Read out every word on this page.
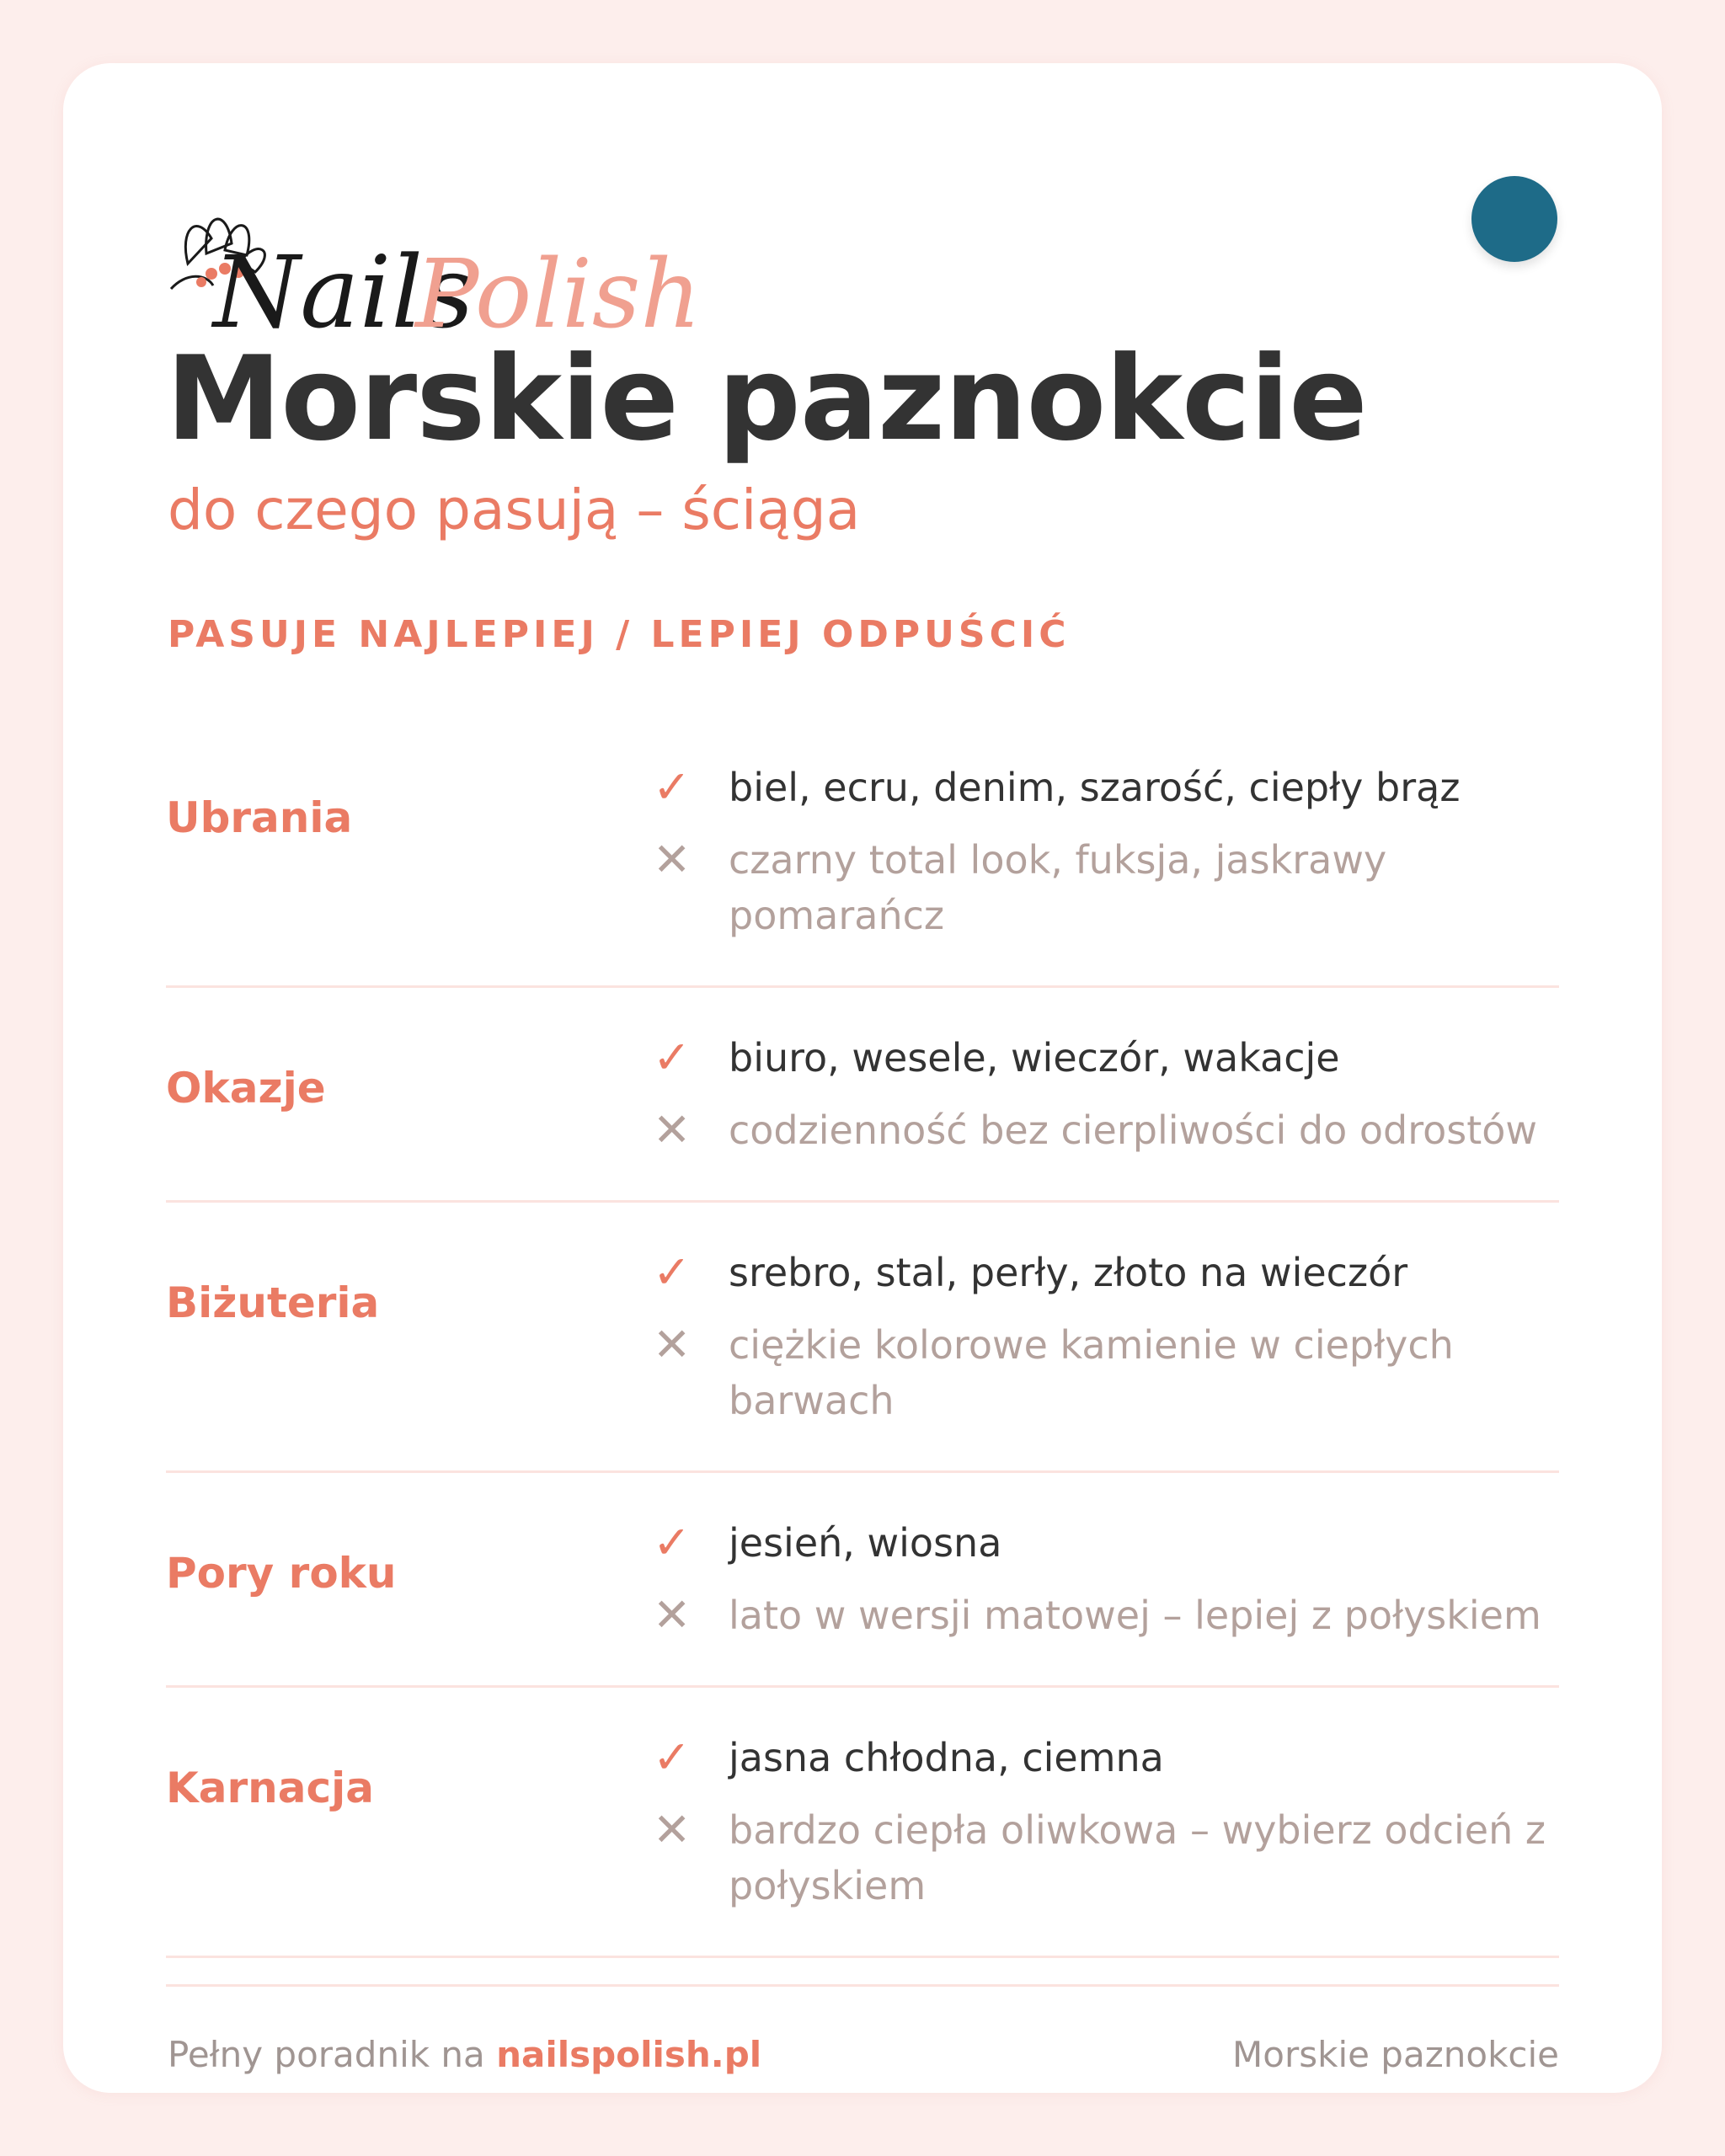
Nails
Polish
Morskie paznokcie
do czego pasują – ściąga
PASUJE NAJLEPIEJ / LEPIEJ ODPUŚCIĆ
Ubrania
✓ biel, ecru, denim, szarość, ciepły brąz
✕ czarny total look, fuksja, jaskrawy pomarańcz
Okazje
✓ biuro, wesele, wieczór, wakacje
✕ codzienność bez cierpliwości do odrostów
Biżuteria
✓ srebro, stal, perły, złoto na wieczór
✕ ciężkie kolorowe kamienie w ciepłych barwach
Pory roku
✓ jesień, wiosna
✕ lato w wersji matowej – lepiej z połyskiem
Karnacja
✓ jasna chłodna, ciemna
✕ bardzo ciepła oliwkowa – wybierz odcień z połyskiem
Pełny poradnik na nailspolish.pl	Morskie paznokcie
